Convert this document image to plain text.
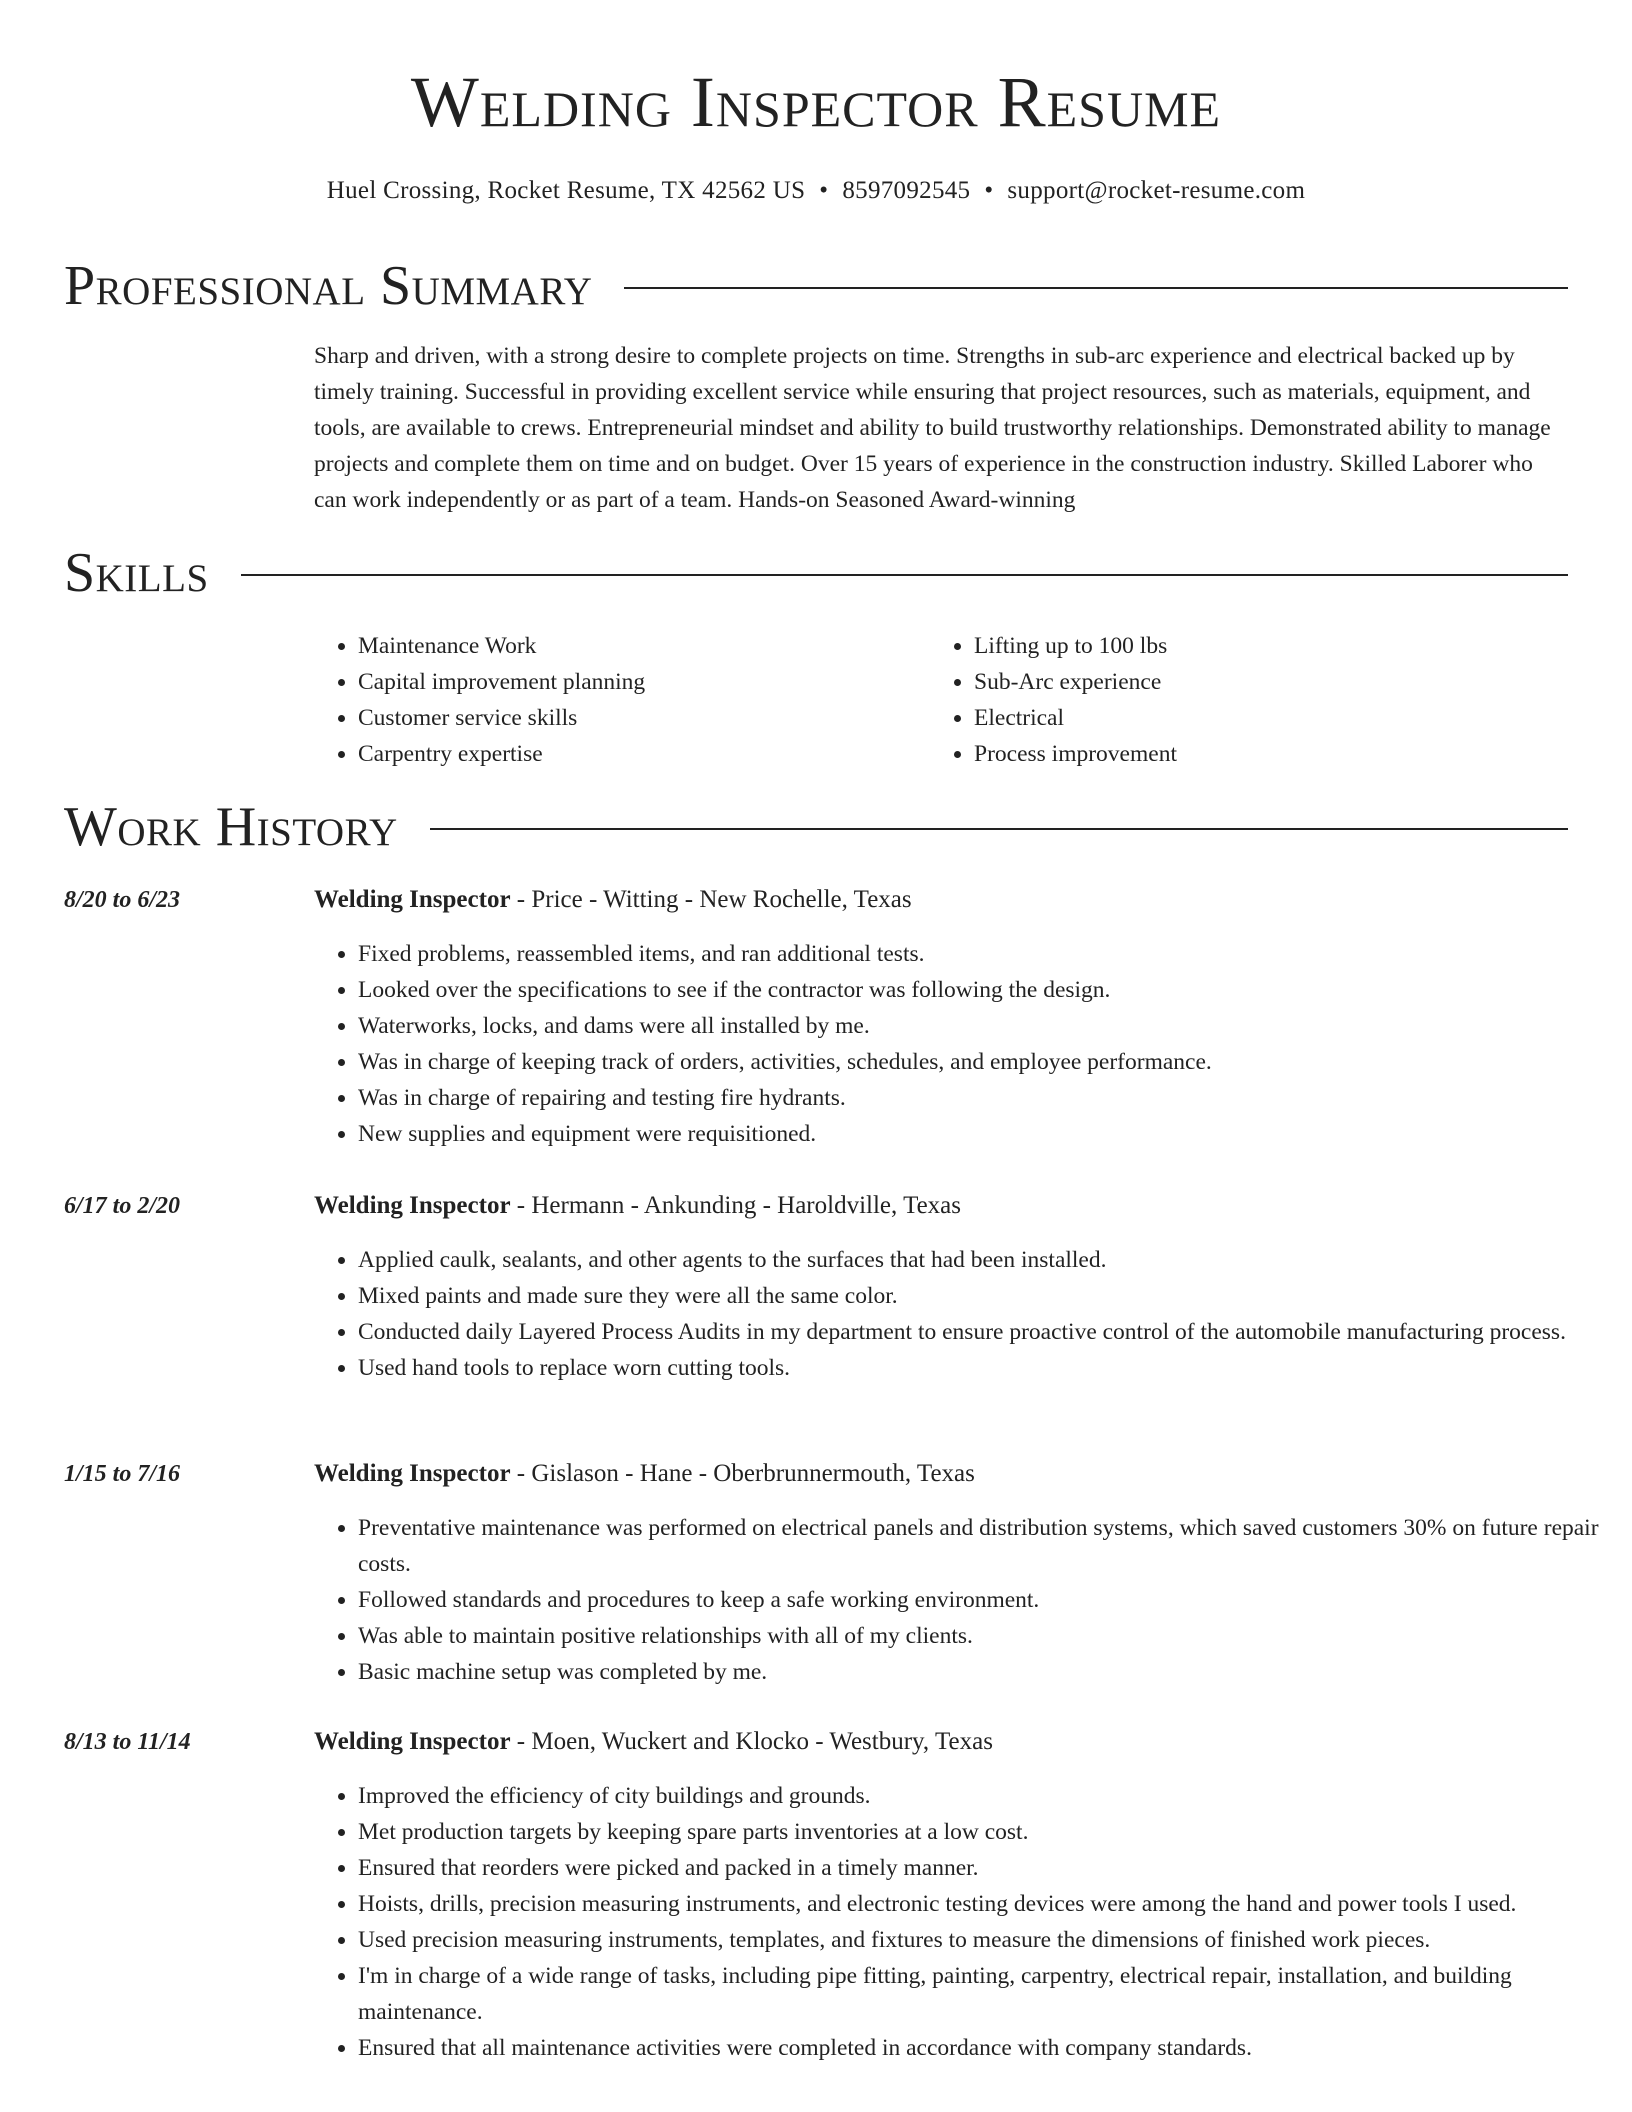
Welding Inspector Resume
Huel Crossing, Rocket Resume, TX 42562 US • 8597092545 • support@rocket-resume.com
Professional Summary

Sharp and driven, with a strong desire to complete projects on time. Strengths in sub-arc experience and electrical backed up by timely training. Successful in providing excellent service while ensuring that project resources, such as materials, equipment, and tools, are available to crews. Entrepreneurial mindset and ability to build trustworthy relationships. Demonstrated ability to manage projects and complete them on time and on budget. Over 15 years of experience in the construction industry. Skilled Laborer who can work independently or as part of a team. Hands-on Seasoned Award-winning

Skills
• Maintenance Work
• Capital improvement planning
• Customer service skills
• Carpentry expertise
• Lifting up to 100 lbs
• Sub-Arc experience
• Electrical
• Process improvement
Work History
8/20 to 6/23	Welding Inspector - Price - Witting - New Rochelle, Texas
• Fixed problems, reassembled items, and ran additional tests.
• Looked over the specifications to see if the contractor was following the design.
• Waterworks, locks, and dams were all installed by me.
• Was in charge of keeping track of orders, activities, schedules, and employee performance.
• Was in charge of repairing and testing fire hydrants.
• New supplies and equipment were requisitioned.
6/17 to 2/20	Welding Inspector - Hermann - Ankunding - Haroldville, Texas
• Applied caulk, sealants, and other agents to the surfaces that had been installed.
• Mixed paints and made sure they were all the same color.
• Conducted daily Layered Process Audits in my department to ensure proactive control of the automobile manufacturing process.
• Used hand tools to replace worn cutting tools.
1/15 to 7/16	Welding Inspector - Gislason - Hane - Oberbrunnermouth, Texas
• Preventative maintenance was performed on electrical panels and distribution systems, which saved customers 30% on future repair costs.
• Followed standards and procedures to keep a safe working environment.
• Was able to maintain positive relationships with all of my clients.
• Basic machine setup was completed by me.
8/13 to 11/14	Welding Inspector - Moen, Wuckert and Klocko - Westbury, Texas
• Improved the efficiency of city buildings and grounds.
• Met production targets by keeping spare parts inventories at a low cost.
• Ensured that reorders were picked and packed in a timely manner.
• Hoists, drills, precision measuring instruments, and electronic testing devices were among the hand and power tools I used.
• Used precision measuring instruments, templates, and fixtures to measure the dimensions of finished work pieces.
• I'm in charge of a wide range of tasks, including pipe fitting, painting, carpentry, electrical repair, installation, and building maintenance.
• Ensured that all maintenance activities were completed in accordance with company standards.
